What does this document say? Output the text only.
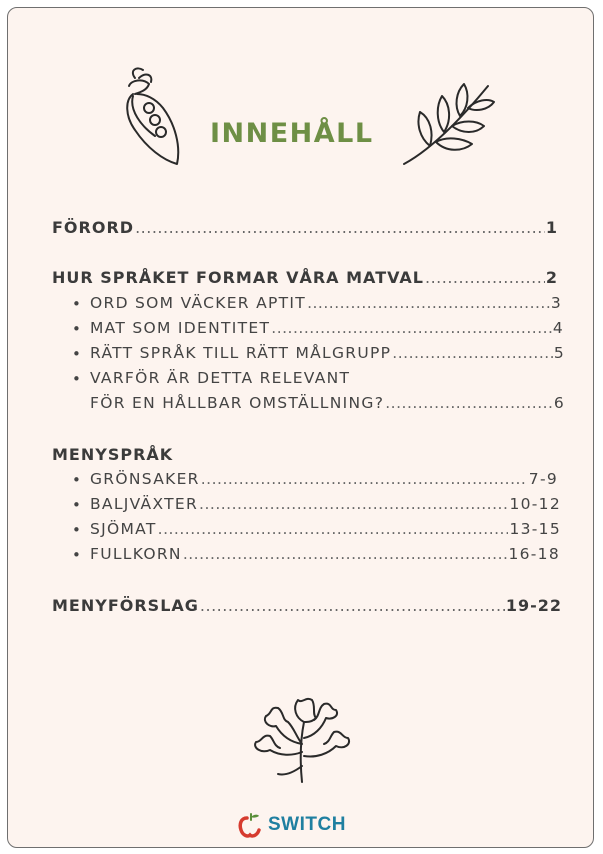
INNEHÅLL
FÖRORD .....	1
HUR SPRÅKET FORMAR VÅRA MATVAL .....	2
• ORD SOM VÄCKER APTIT .....	3
• MAT SOM IDENTITET .....	4
• RÄTT SPRÅK TILL RÄTT MÅLGRUPP .....	5
• VARFÖR ÄR DETTA RELEVANT
FÖR EN HÅLLBAR OMSTÄLLNING? .....	6
MENYSPRÅK
• GRÖNSAKER .....	7-9
• BALJVÄXTER .....	10-12
• SJÖMAT .....	13-15
• FULLKORN .....	16-18
MENYFÖRSLAG .....	19-22
SWITCH
